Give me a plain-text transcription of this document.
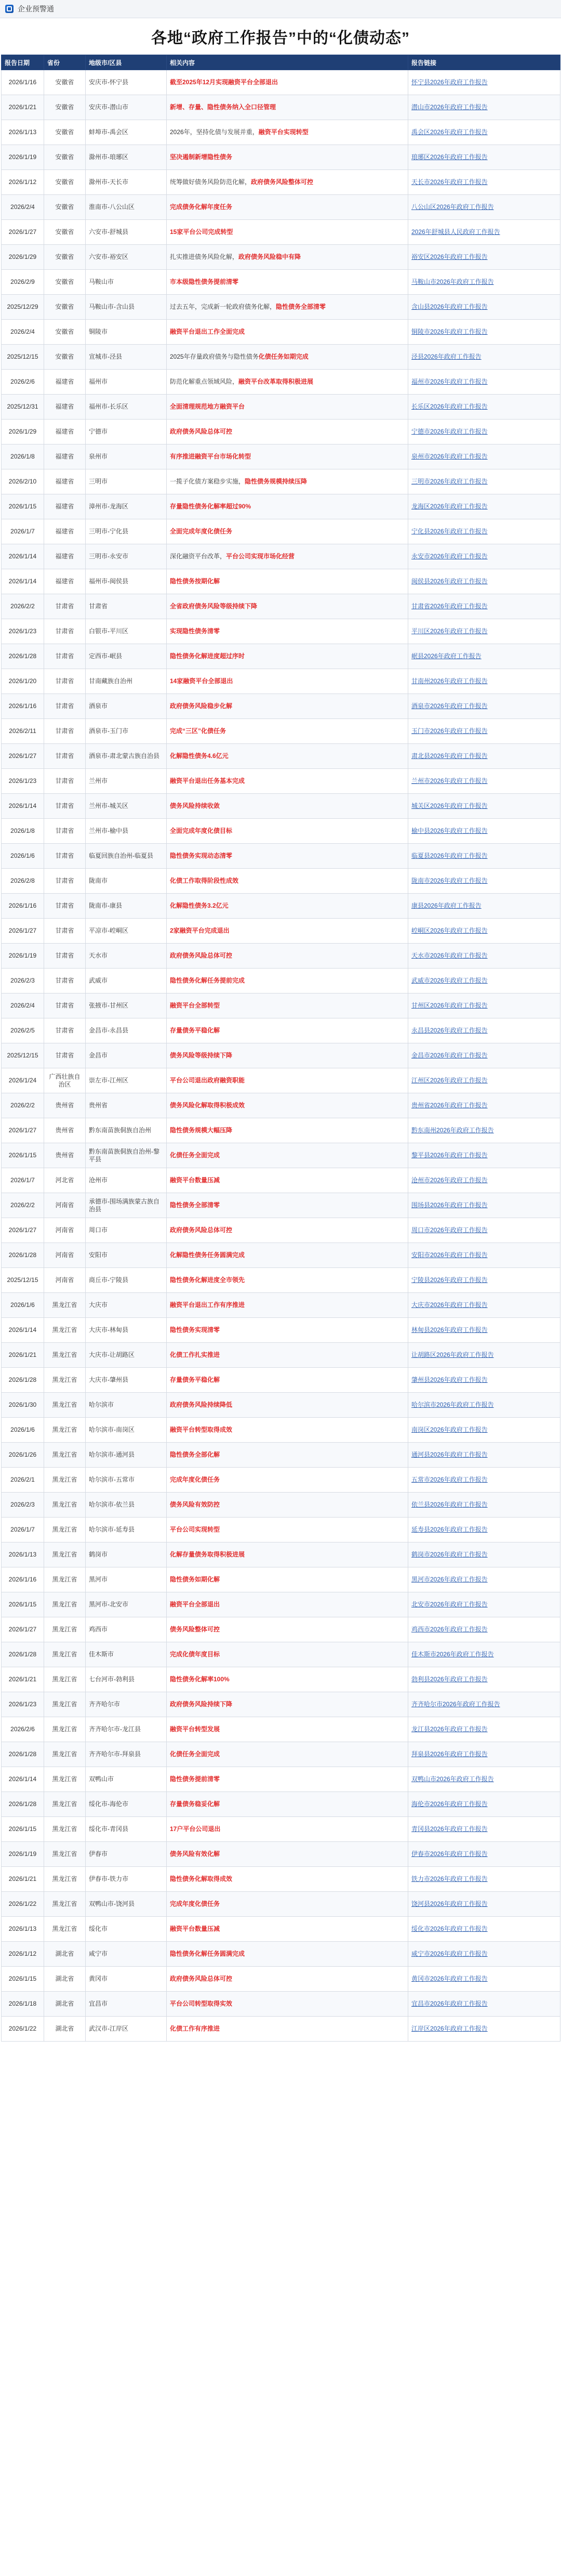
企业预警通
各地“政府工作报告”中的“化债动态”
报告日期	省份	地级市/区县	相关内容	报告链接
2026/1/16	安徽省	安庆市-怀宁县	截至2025年12月实现融资平台全部退出	怀宁县2026年政府工作报告
2026/1/21	安徽省	安庆市-潜山市	新增、存量、隐性债务纳入全口径管理	潜山市2026年政府工作报告
2026/1/13	安徽省	蚌埠市-禹会区	2026年，坚持化债与发展并重，融资平台实现转型	禹会区2026年政府工作报告
2026/1/19	安徽省	滁州市-琅琊区	坚决遏制新增隐性债务	琅琊区2026年政府工作报告
2026/1/12	安徽省	滁州市-天长市	统筹做好债务风险防范化解，政府债务风险整体可控	天长市2026年政府工作报告
2026/2/4	安徽省	淮南市-八公山区	完成债务化解年度任务	八公山区2026年政府工作报告
2026/1/27	安徽省	六安市-舒城县	15家平台公司完成转型	2026年舒城县人民政府工作报告
2026/1/29	安徽省	六安市-裕安区	扎实推进债务风险化解，政府债务风险稳中有降	裕安区2026年政府工作报告
2026/2/9	安徽省	马鞍山市	市本级隐性债务提前清零	马鞍山市2026年政府工作报告
2025/12/29	安徽省	马鞍山市-含山县	过去五年，完成新一轮政府债务化解，隐性债务全部清零	含山县2026年政府工作报告
2026/2/4	安徽省	铜陵市	融资平台退出工作全面完成	铜陵市2026年政府工作报告
2025/12/15	安徽省	宣城市-泾县	2025年存量政府债务与隐性债务化债任务如期完成	泾县2026年政府工作报告
2026/2/6	福建省	福州市	防范化解重点领域风险，融资平台改革取得积极进展	福州市2026年政府工作报告
2025/12/31	福建省	福州市-长乐区	全面清理规范地方融资平台	长乐区2026年政府工作报告
2026/1/29	福建省	宁德市	政府债务风险总体可控	宁德市2026年政府工作报告
2026/1/8	福建省	泉州市	有序推进融资平台市场化转型	泉州市2026年政府工作报告
2026/2/10	福建省	三明市	一揽子化债方案稳步实施，隐性债务规模持续压降	三明市2026年政府工作报告
2026/1/15	福建省	漳州市-龙海区	存量隐性债务化解率超过90%	龙海区2026年政府工作报告
2026/1/7	福建省	三明市-宁化县	全面完成年度化债任务	宁化县2026年政府工作报告
2026/1/14	福建省	三明市-永安市	深化融资平台改革，平台公司实现市场化经营	永安市2026年政府工作报告
2026/1/14	福建省	福州市-闽侯县	隐性债务按期化解	闽侯县2026年政府工作报告
2026/2/2	甘肃省	甘肃省	全省政府债务风险等级持续下降	甘肃省2026年政府工作报告
2026/1/23	甘肃省	白银市-平川区	实现隐性债务清零	平川区2026年政府工作报告
2026/1/28	甘肃省	定西市-岷县	隐性债务化解进度超过序时	岷县2026年政府工作报告
2026/1/20	甘肃省	甘南藏族自治州	14家融资平台全部退出	甘南州2026年政府工作报告
2026/1/16	甘肃省	酒泉市	政府债务风险稳步化解	酒泉市2026年政府工作报告
2026/2/11	甘肃省	酒泉市-玉门市	完成“三区”化债任务	玉门市2026年政府工作报告
2026/1/27	甘肃省	酒泉市-肃北蒙古族自治县	化解隐性债务4.6亿元	肃北县2026年政府工作报告
2026/1/23	甘肃省	兰州市	融资平台退出任务基本完成	兰州市2026年政府工作报告
2026/1/14	甘肃省	兰州市-城关区	债务风险持续收敛	城关区2026年政府工作报告
2026/1/8	甘肃省	兰州市-榆中县	全面完成年度化债目标	榆中县2026年政府工作报告
2026/1/6	甘肃省	临夏回族自治州-临夏县	隐性债务实现动态清零	临夏县2026年政府工作报告
2026/2/8	甘肃省	陇南市	化债工作取得阶段性成效	陇南市2026年政府工作报告
2026/1/16	甘肃省	陇南市-康县	化解隐性债务3.2亿元	康县2026年政府工作报告
2026/1/27	甘肃省	平凉市-崆峒区	2家融资平台完成退出	崆峒区2026年政府工作报告
2026/1/19	甘肃省	天水市	政府债务风险总体可控	天水市2026年政府工作报告
2026/2/3	甘肃省	武威市	隐性债务化解任务提前完成	武威市2026年政府工作报告
2026/2/4	甘肃省	张掖市-甘州区	融资平台全部转型	甘州区2026年政府工作报告
2026/2/5	甘肃省	金昌市-永昌县	存量债务平稳化解	永昌县2026年政府工作报告
2025/12/15	甘肃省	金昌市	债务风险等级持续下降	金昌市2026年政府工作报告
2026/1/24	广西壮族自治区	崇左市-江州区	平台公司退出政府融资职能	江州区2026年政府工作报告
2026/2/2	贵州省	贵州省	债务风险化解取得积极成效	贵州省2026年政府工作报告
2026/1/27	贵州省	黔东南苗族侗族自治州	隐性债务规模大幅压降	黔东南州2026年政府工作报告
2026/1/15	贵州省	黔东南苗族侗族自治州-黎平县	化债任务全面完成	黎平县2026年政府工作报告
2026/1/7	河北省	沧州市	融资平台数量压减	沧州市2026年政府工作报告
2026/2/2	河南省	承德市-围场满族蒙古族自治县	隐性债务全部清零	围场县2026年政府工作报告
2026/1/27	河南省	周口市	政府债务风险总体可控	周口市2026年政府工作报告
2026/1/28	河南省	安阳市	化解隐性债务任务圆满完成	安阳市2026年政府工作报告
2025/12/15	河南省	商丘市-宁陵县	隐性债务化解进度全市领先	宁陵县2026年政府工作报告
2026/1/6	黑龙江省	大庆市	融资平台退出工作有序推进	大庆市2026年政府工作报告
2026/1/14	黑龙江省	大庆市-林甸县	隐性债务实现清零	林甸县2026年政府工作报告
2026/1/21	黑龙江省	大庆市-让胡路区	化债工作扎实推进	让胡路区2026年政府工作报告
2026/1/28	黑龙江省	大庆市-肇州县	存量债务平稳化解	肇州县2026年政府工作报告
2026/1/30	黑龙江省	哈尔滨市	政府债务风险持续降低	哈尔滨市2026年政府工作报告
2026/1/6	黑龙江省	哈尔滨市-南岗区	融资平台转型取得成效	南岗区2026年政府工作报告
2026/1/26	黑龙江省	哈尔滨市-通河县	隐性债务全部化解	通河县2026年政府工作报告
2026/2/1	黑龙江省	哈尔滨市-五常市	完成年度化债任务	五常市2026年政府工作报告
2026/2/3	黑龙江省	哈尔滨市-依兰县	债务风险有效防控	依兰县2026年政府工作报告
2026/1/7	黑龙江省	哈尔滨市-延寿县	平台公司实现转型	延寿县2026年政府工作报告
2026/1/13	黑龙江省	鹤岗市	化解存量债务取得积极进展	鹤岗市2026年政府工作报告
2026/1/16	黑龙江省	黑河市	隐性债务如期化解	黑河市2026年政府工作报告
2026/1/15	黑龙江省	黑河市-北安市	融资平台全部退出	北安市2026年政府工作报告
2026/1/27	黑龙江省	鸡西市	债务风险整体可控	鸡西市2026年政府工作报告
2026/1/28	黑龙江省	佳木斯市	完成化债年度目标	佳木斯市2026年政府工作报告
2026/1/21	黑龙江省	七台河市-勃利县	隐性债务化解率100%	勃利县2026年政府工作报告
2026/1/23	黑龙江省	齐齐哈尔市	政府债务风险持续下降	齐齐哈尔市2026年政府工作报告
2026/2/6	黑龙江省	齐齐哈尔市-龙江县	融资平台转型发展	龙江县2026年政府工作报告
2026/1/28	黑龙江省	齐齐哈尔市-拜泉县	化债任务全面完成	拜泉县2026年政府工作报告
2026/1/14	黑龙江省	双鸭山市	隐性债务提前清零	双鸭山市2026年政府工作报告
2026/1/28	黑龙江省	绥化市-海伦市	存量债务稳妥化解	海伦市2026年政府工作报告
2026/1/15	黑龙江省	绥化市-青冈县	17户平台公司退出	青冈县2026年政府工作报告
2026/1/19	黑龙江省	伊春市	债务风险有效化解	伊春市2026年政府工作报告
2026/1/21	黑龙江省	伊春市-铁力市	隐性债务化解取得成效	铁力市2026年政府工作报告
2026/1/22	黑龙江省	双鸭山市-饶河县	完成年度化债任务	饶河县2026年政府工作报告
2026/1/13	黑龙江省	绥化市	融资平台数量压减	绥化市2026年政府工作报告
2026/1/12	湖北省	咸宁市	隐性债务化解任务圆满完成	咸宁市2026年政府工作报告
2026/1/15	湖北省	黄冈市	政府债务风险总体可控	黄冈市2026年政府工作报告
2026/1/18	湖北省	宜昌市	平台公司转型取得实效	宜昌市2026年政府工作报告
2026/1/22	湖北省	武汉市-江岸区	化债工作有序推进	江岸区2026年政府工作报告
